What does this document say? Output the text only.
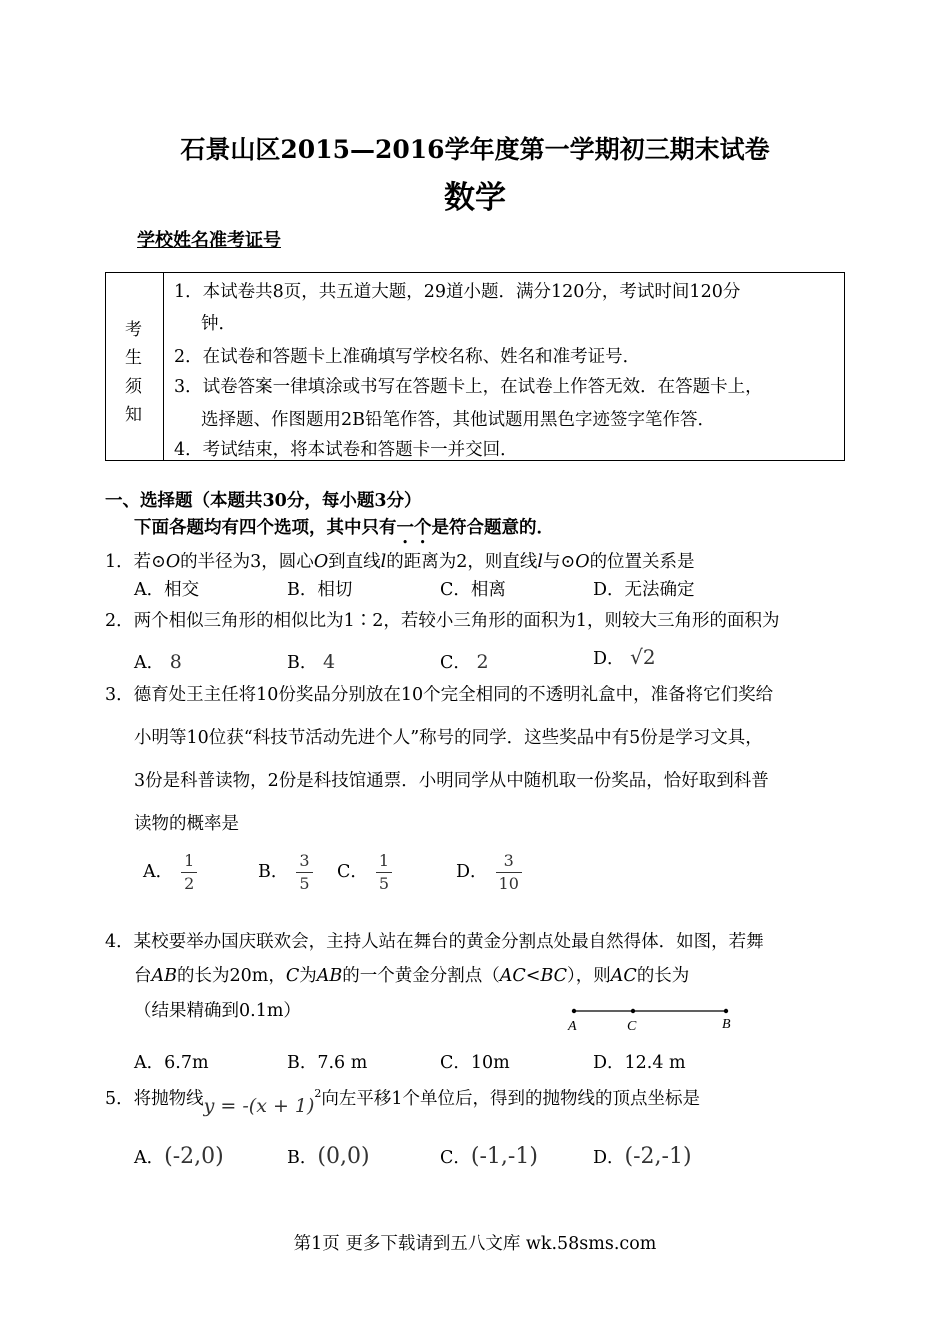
石景山区2015—2016学年度第一学期初三期末试卷
数学
学校姓名准考证号
考
生
须
知
1．本试卷共8页，共五道大题，29道小题．满分120分，考试时间120分
钟．
2．在试卷和答题卡上准确填写学校名称、姓名和准考证号．
3．试卷答案一律填涂或书写在答题卡上，在试卷上作答无效．在答题卡上，
选择题、作图题用2B铅笔作答，其他试题用黑色字迹签字笔作答．
4．考试结束，将本试卷和答题卡一并交回．
一、选择题（本题共30分，每小题3分）
下面各题均有四个选项，其中只有一个是符合题意的．
1．若⊙O的半径为3，圆心O到直线l的距离为2，则直线l与⊙O的位置关系是
A．相交	B．相切	C．相离	D．无法确定
2．两个相似三角形的相似比为1∶2，若较小三角形的面积为1，则较大三角形的面积为
A． 8	B． 4	C． 2	D． √2
3．德育处王主任将10份奖品分别放在10个完全相同的不透明礼盒中，准备将它们奖给
小明等10位获“科技节活动先进个人”称号的同学．这些奖品中有5份是学习文具，
3份是科普读物，2份是科技馆通票．小明同学从中随机取一份奖品，恰好取到科普
读物的概率是
A． $\frac{1}{2}$	B． $\frac{3}{5}$ C． $\frac{1}{5}$	D． $\frac{3}{10}$
4．某校要举办国庆联欢会，主持人站在舞台的黄金分割点处最自然得体．如图，若舞
台AB的长为20m，C为AB的一个黄金分割点（AC<BC），则AC的长为
（结果精确到0.1m）
A	C	B
A．6.7m	B．7.6 m	C．10m	D．12.4 m
5．将抛物线$y = -(x + 1)^2$向左平移1个单位后，得到的抛物线的顶点坐标是
A．(-2,0)	B．(0,0)	C．(-1,-1)	D．(-2,-1)
第1页 更多下载请到五八文库 wk.58sms.com
